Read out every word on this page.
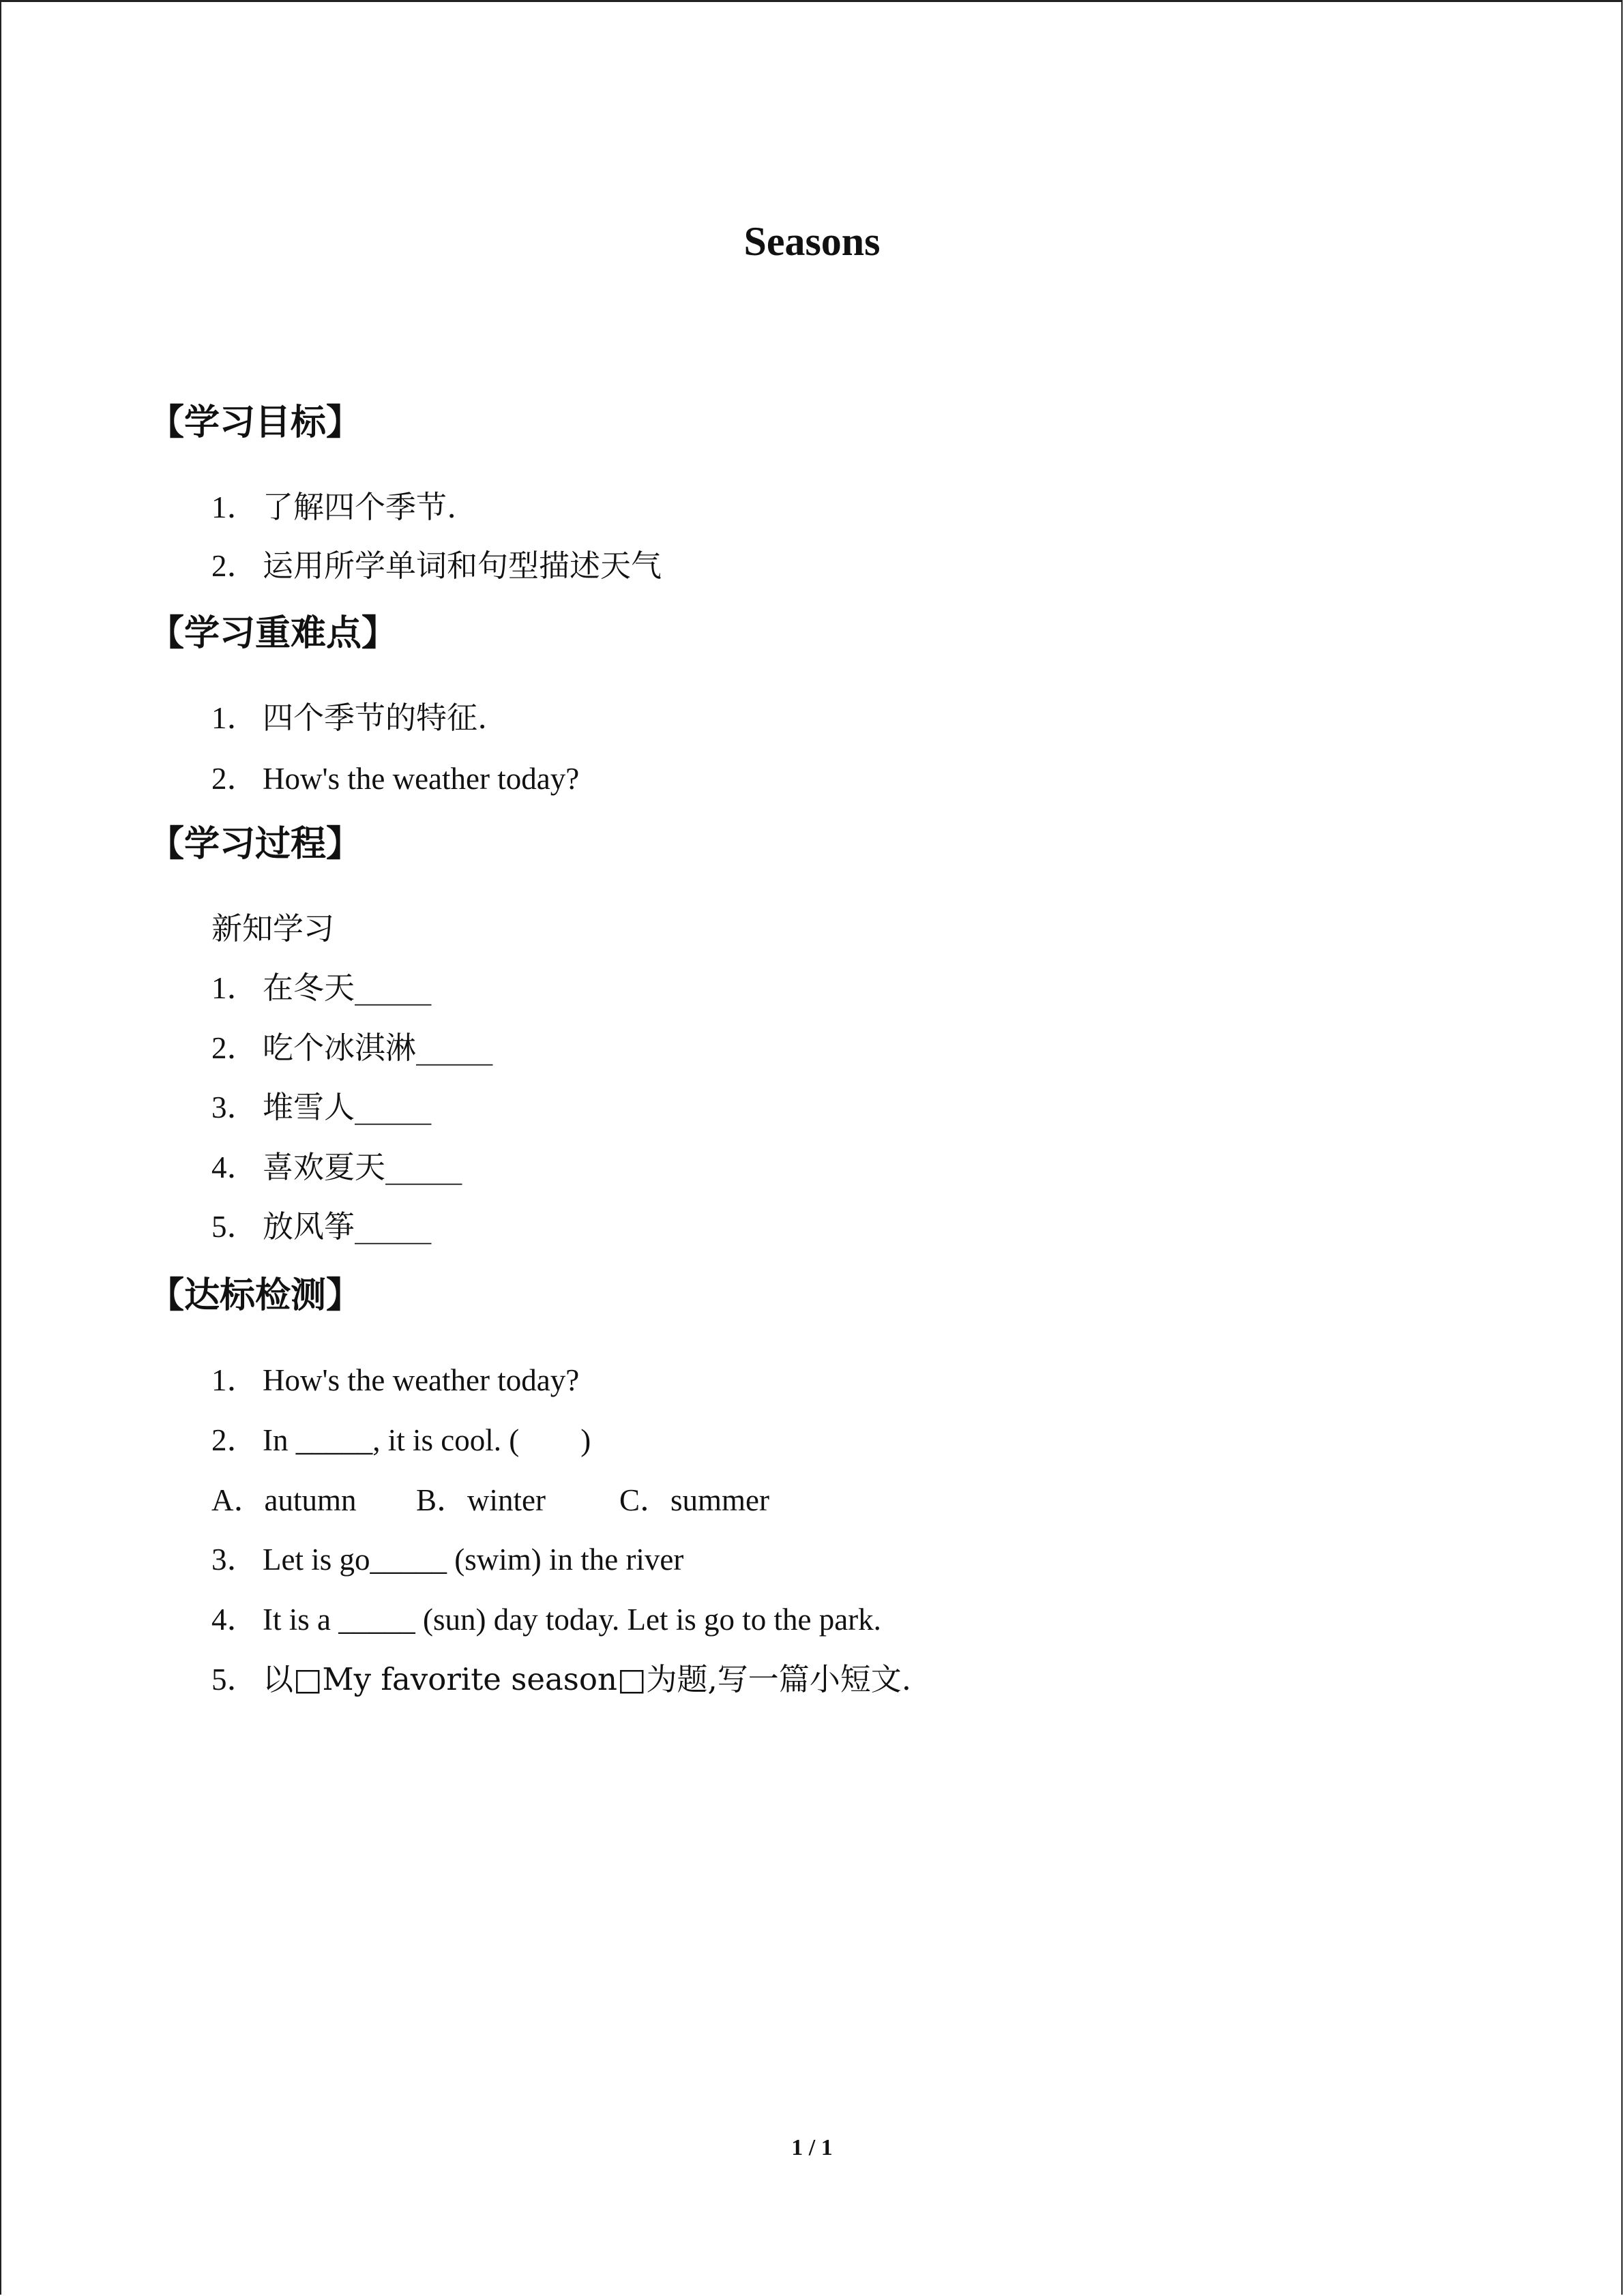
Seasons
【学习目标】
1． 了解四个季节.
2． 运用所学单词和句型描述天气
【学习重难点】
1． 四个季节的特征.
2． How's the weather today?
【学习过程】
新知学习
1． 在冬天_____
2． 吃个冰淇淋_____
3． 堆雪人_____
4． 喜欢夏天_____
5． 放风筝_____
【达标检测】
1． How's the weather today?
2． In _____, it is cool. (　　)
A．autumn B．winter C．summer
3． Let is go_____ (swim) in the river
4． It is a _____ (sun) day today. Let is go to the park.
5． 以□My favorite season□为题,写一篇小短文.
1 / 1
